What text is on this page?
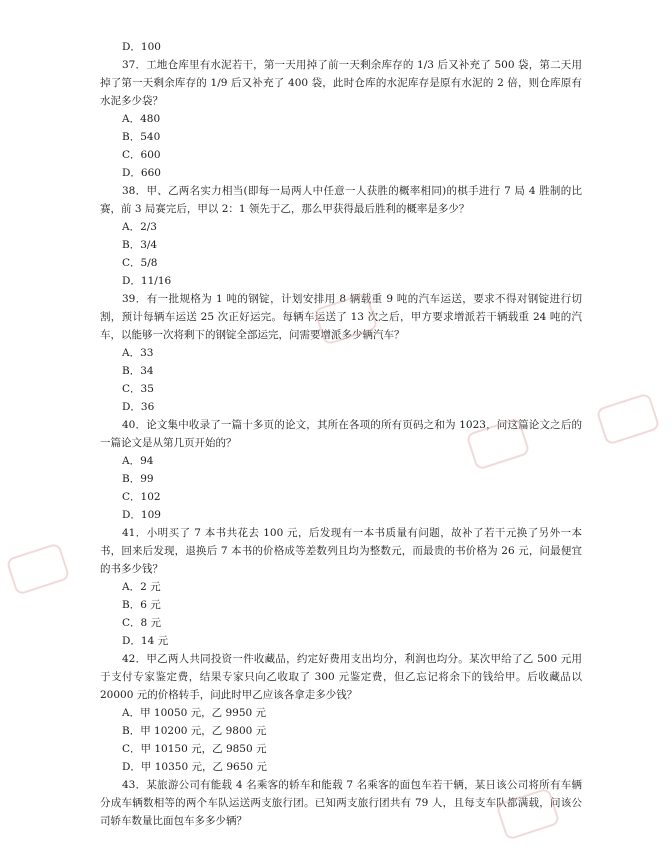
D．100

37．工地仓库里有水泥若干，第一天用掉了前一天剩余库存的 1/3 后又补充了 500 袋，第二天用掉了第一天剩余库存的 1/9 后又补充了 400 袋，此时仓库的水泥库存是原有水泥的 2 倍，则仓库原有水泥多少袋？

A．480
B．540
C．600
D．660

38．甲、乙两名实力相当(即每一局两人中任意一人获胜的概率相同)的棋手进行 7 局 4 胜制的比赛，前 3 局赛完后，甲以 2：1 领先于乙，那么甲获得最后胜利的概率是多少？

A．2/3
B．3/4
C．5/8
D．11/16

39．有一批规格为 1 吨的钢锭，计划安排用 8 辆载重 9 吨的汽车运送，要求不得对钢锭进行切割，预计每辆车运送 25 次正好运完。每辆车运送了 13 次之后，甲方要求增派若干辆载重 24 吨的汽车，以能够一次将剩下的钢锭全部运完，问需要增派多少辆汽车？

A．33
B．34
C．35
D．36

40．论文集中收录了一篇十多页的论文，其所在各项的所有页码之和为 1023，问这篇论文之后的一篇论文是从第几页开始的？

A．94
B．99
C．102
D．109

41．小明买了 7 本书共花去 100 元，后发现有一本书质量有问题，故补了若干元换了另外一本书，回来后发现，退换后 7 本书的价格成等差数列且均为整数元，而最贵的书价格为 26 元，问最便宜的书多少钱？

A．2 元
B．6 元
C．8 元
D．14 元

42．甲乙两人共同投资一件收藏品，约定好费用支出均分，利润也均分。某次甲给了乙 500 元用于支付专家鉴定费，结果专家只向乙收取了 300 元鉴定费，但乙忘记将余下的钱给甲。后收藏品以 20000 元的价格转手，问此时甲乙应该各拿走多少钱？

A．甲 10050 元，乙 9950 元
B．甲 10200 元，乙 9800 元
C．甲 10150 元，乙 9850 元
D．甲 10350 元，乙 9650 元

43．某旅游公司有能载 4 名乘客的轿车和能载 7 名乘客的面包车若干辆，某日该公司将所有车辆分成车辆数相等的两个车队运送两支旅行团。已知两支旅行团共有 79 人，且每支车队都满载，问该公司轿车数量比面包车多多少辆？
